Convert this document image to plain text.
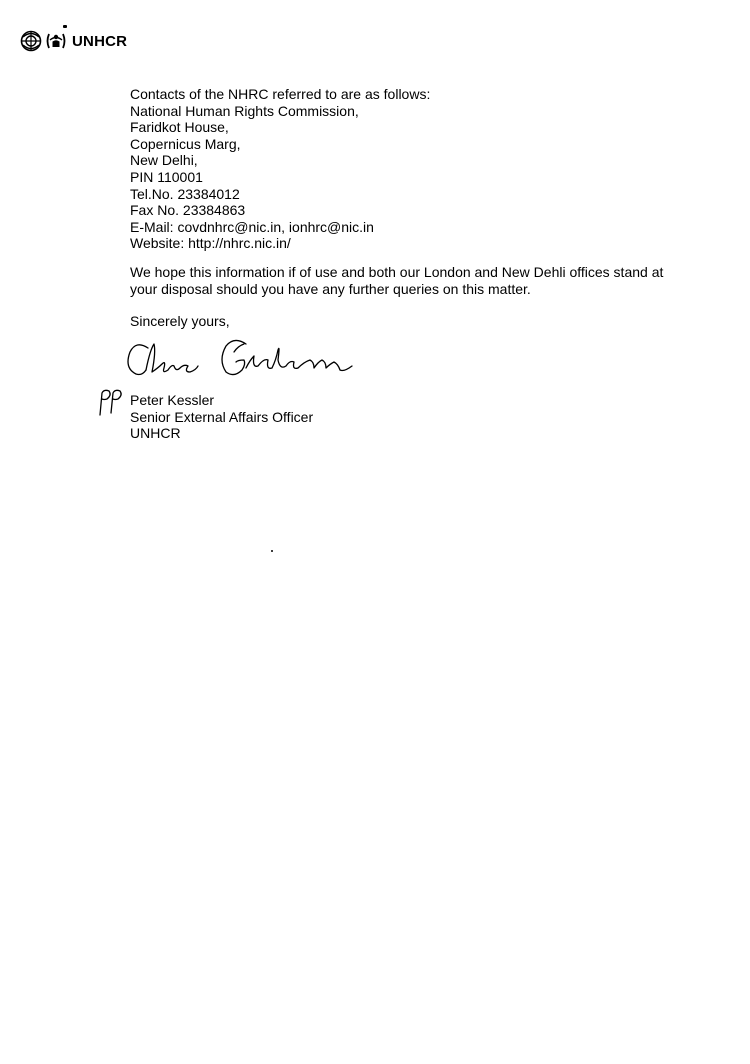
UNHCR

Contacts of the NHRC referred to are as follows:

National Human Rights Commission,
Faridkot House,
Copernicus Marg,
New Delhi,
PIN 110001
Tel.No. 23384012
Fax No. 23384863
E-Mail: covdnhrc@nic.in, ionhrc@nic.in
Website: http://nhrc.nic.in/

We hope this information if of use and both our London and New Dehli offices stand at your disposal should you have any further queries on this matter.

Sincerely yours,
Peter Kessler
Senior External Affairs Officer
UNHCR
